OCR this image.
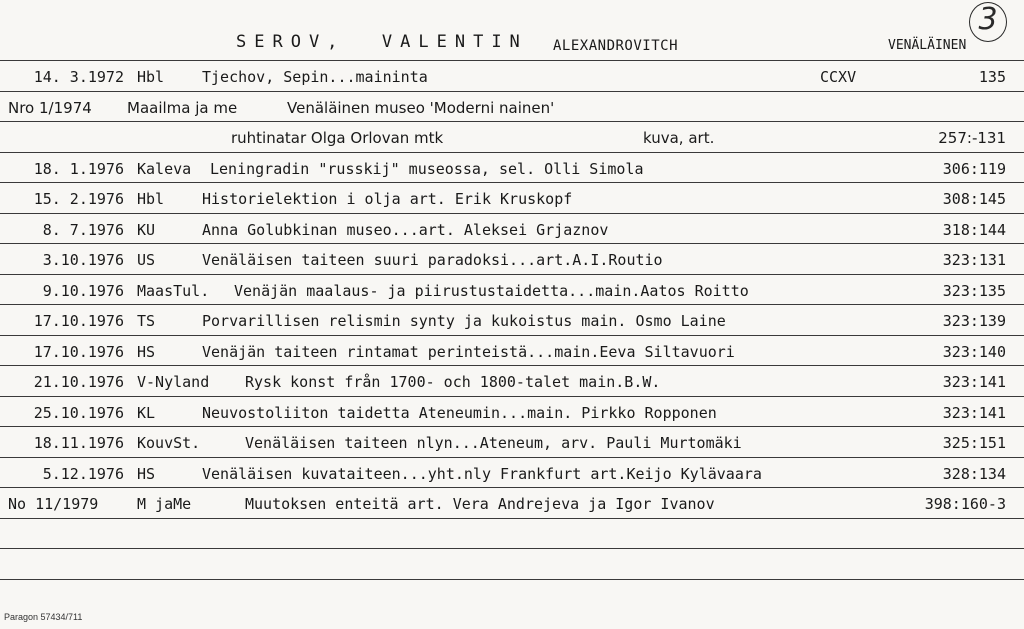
SEROV, VALENTIN ALEXANDROVITCH	VENÄLÄINEN
3
14. 3.1972 Hbl	Tjechov, Sepin...maininta	CCXV	135
Nro 1/1974 Maailma ja me	Venäläinen museo 'Moderni nainen'
ruhtinatar Olga Orlovan mtk	kuva, art.	257:-131
18. 1.1976 Kaleva Leningradin "russkij" museossa, sel. Olli Simola	306:119
15. 2.1976 Hbl	Historielektion i olja art. Erik Kruskopf	308:145
8. 7.1976 KU	Anna Golubkinan museo...art. Aleksei Grjaznov	318:144
3.10.1976 US	Venäläisen taiteen suuri paradoksi...art.A.I.Routio	323:131
9.10.1976 MaasTul. Venäjän maalaus- ja piirustustaidetta...main.Aatos Roitto	323:135
17.10.1976 TS	Porvarillisen relismin synty ja kukoistus main. Osmo Laine	323:139
17.10.1976 HS	Venäjän taiteen rintamat perinteistä...main.Eeva Siltavuori	323:140
21.10.1976 V-Nyland Rysk konst från 1700- och 1800-talet main.B.W.	323:141
25.10.1976 KL	Neuvostoliiton taidetta Ateneumin...main. Pirkko Ropponen	323:141
18.11.1976 KouvSt.	Venäläisen taiteen nlyn...Ateneum, arv. Pauli Murtomäki	325:151
5.12.1976 HS	Venäläisen kuvataiteen...yht.nly Frankfurt art.Keijo Kylävaara	328:134
No 11/1979	M jaMe	Muutoksen enteitä art. Vera Andrejeva ja Igor Ivanov	398:160-3
Paragon 57434/711
